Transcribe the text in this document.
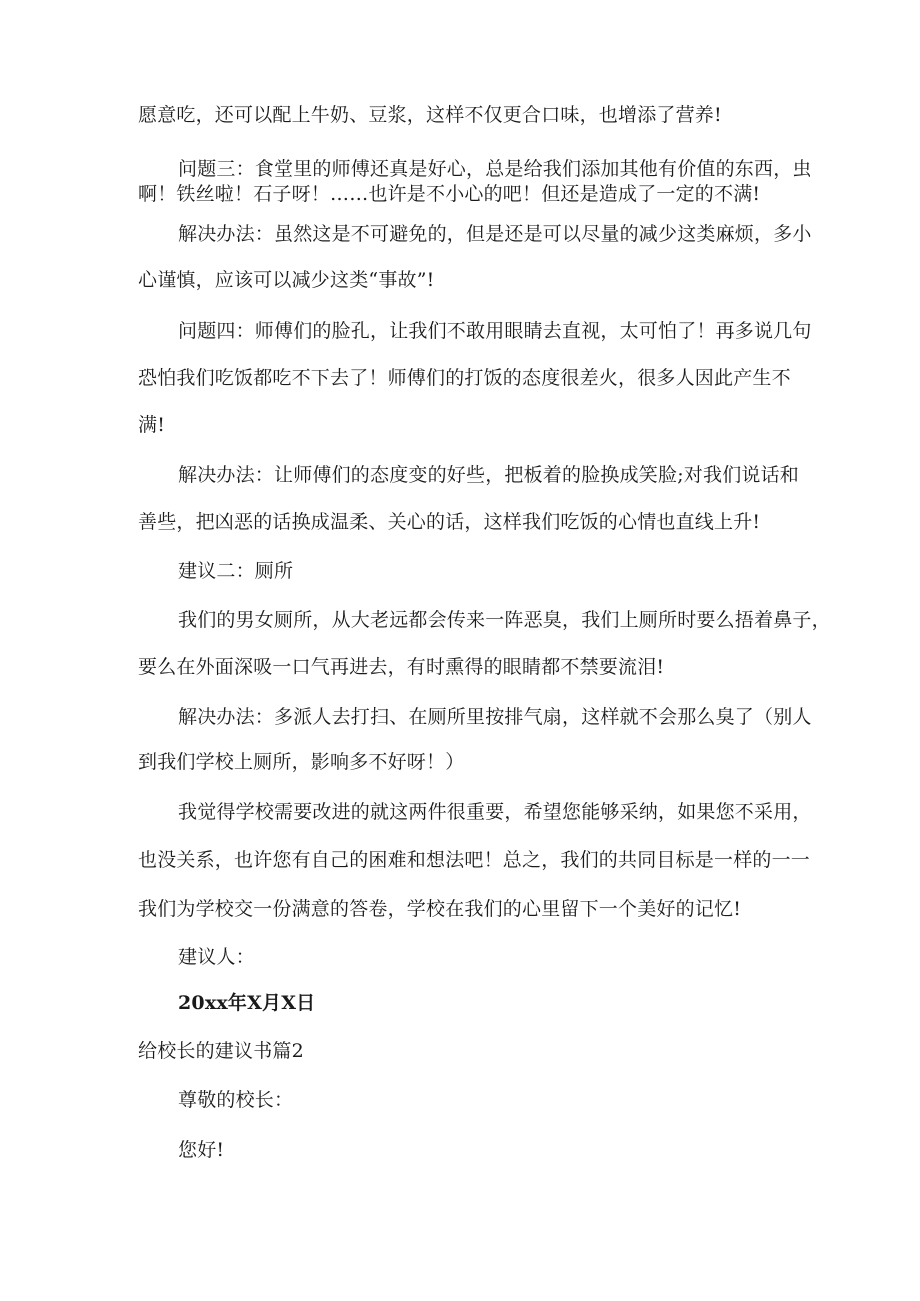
愿意吃，还可以配上牛奶、豆浆，这样不仅更合口味，也增添了营养!
问题三：食堂里的师傅还真是好心，总是给我们添加其他有价值的东西，虫
啊！铁丝啦！石子呀！……也许是不小心的吧！但还是造成了一定的不满!
解决办法：虽然这是不可避免的，但是还是可以尽量的减少这类麻烦，多小
心谨慎，应该可以减少这类“事故”!
问题四：师傅们的脸孔，让我们不敢用眼睛去直视，太可怕了！再多说几句
恐怕我们吃饭都吃不下去了！师傅们的打饭的态度很差火，很多人因此产生不
满!
解决办法：让师傅们的态度变的好些，把板着的脸换成笑脸;对我们说话和
善些，把凶恶的话换成温柔、关心的话，这样我们吃饭的心情也直线上升!
建议二：厕所
我们的男女厕所，从大老远都会传来一阵恶臭，我们上厕所时要么捂着鼻子，
要么在外面深吸一口气再进去，有时熏得的眼睛都不禁要流泪!
解决办法：多派人去打扫、在厕所里按排气扇，这样就不会那么臭了（别人
到我们学校上厕所，影响多不好呀！）
我觉得学校需要改进的就这两件很重要，希望您能够采纳，如果您不采用，
也没关系，也许您有自己的困难和想法吧！总之，我们的共同目标是一样的一一
我们为学校交一份满意的答卷，学校在我们的心里留下一个美好的记忆!
建议人：
20xx年X月X日
给校长的建议书篇2
尊敬的校长：
您好!
